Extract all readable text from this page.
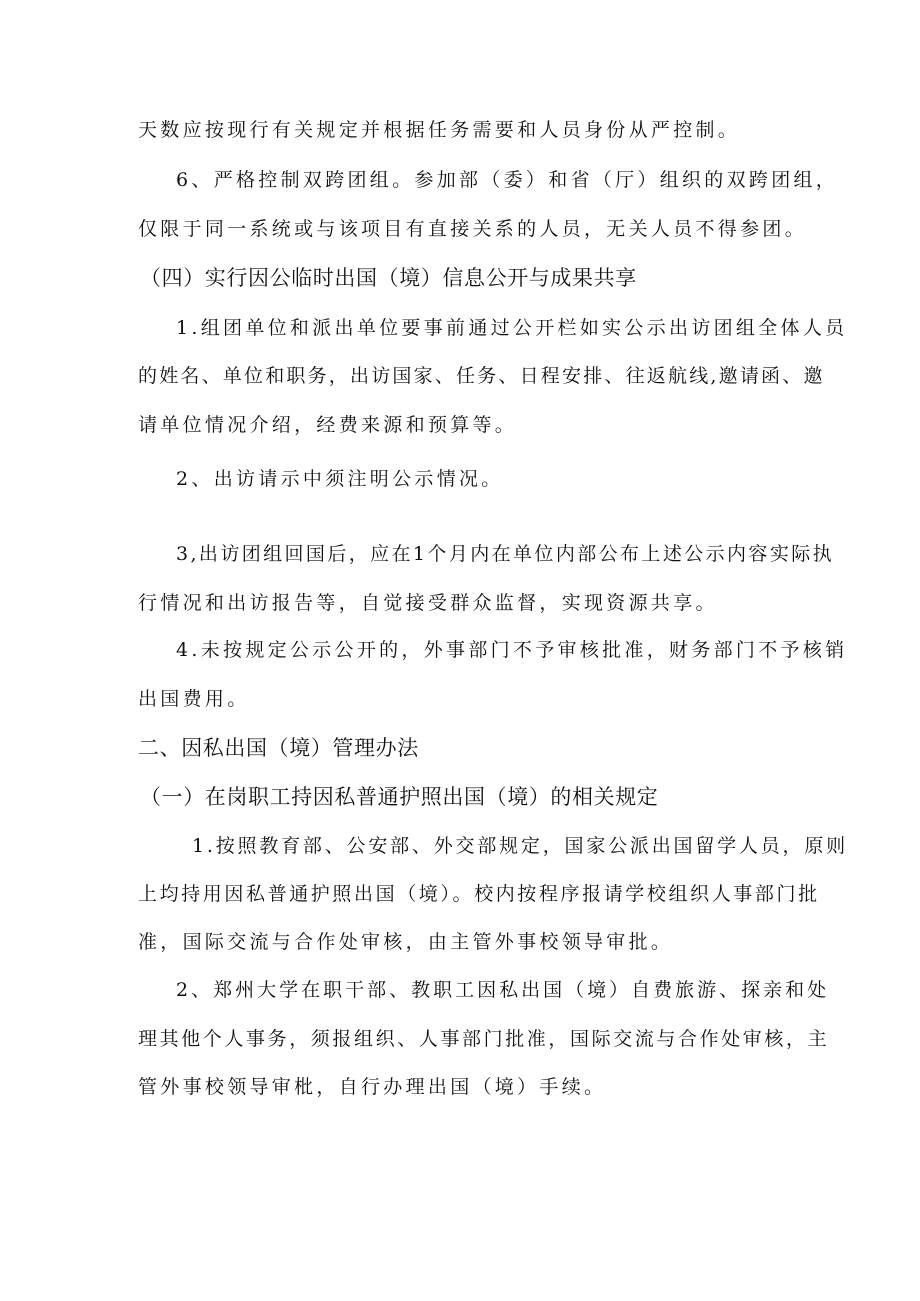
天数应按现行有关规定并根据任务需要和人员身份从严控制。
6、严格控制双跨团组。参加部（委）和省（厅）组织的双跨团组，
仅限于同一系统或与该项目有直接关系的人员，无关人员不得参团。
（四）实行因公临时出国（境）信息公开与成果共享
1.组团单位和派出单位要事前通过公开栏如实公示出访团组全体人员
的姓名、单位和职务，出访国家、任务、日程安排、往返航线,邀请函、邀
请单位情况介绍，经费来源和预算等。
2、出访请示中须注明公示情况。
3,出访团组回国后，应在1个月内在单位内部公布上述公示内容实际执
行情况和出访报告等，自觉接受群众监督，实现资源共享。
4.未按规定公示公开的，外事部门不予审核批准，财务部门不予核销
出国费用。
二、因私出国（境）管理办法
（一）在岗职工持因私普通护照出国（境）的相关规定
1.按照教育部、公安部、外交部规定，国家公派出国留学人员，原则
上均持用因私普通护照出国（境）。校内按程序报请学校组织人事部门批
准，国际交流与合作处审核，由主管外事校领导审批。
2、郑州大学在职干部、教职工因私出国（境）自费旅游、探亲和处
理其他个人事务，须报组织、人事部门批准，国际交流与合作处审核，主
管外事校领导审枇，自行办理出国（境）手续。
